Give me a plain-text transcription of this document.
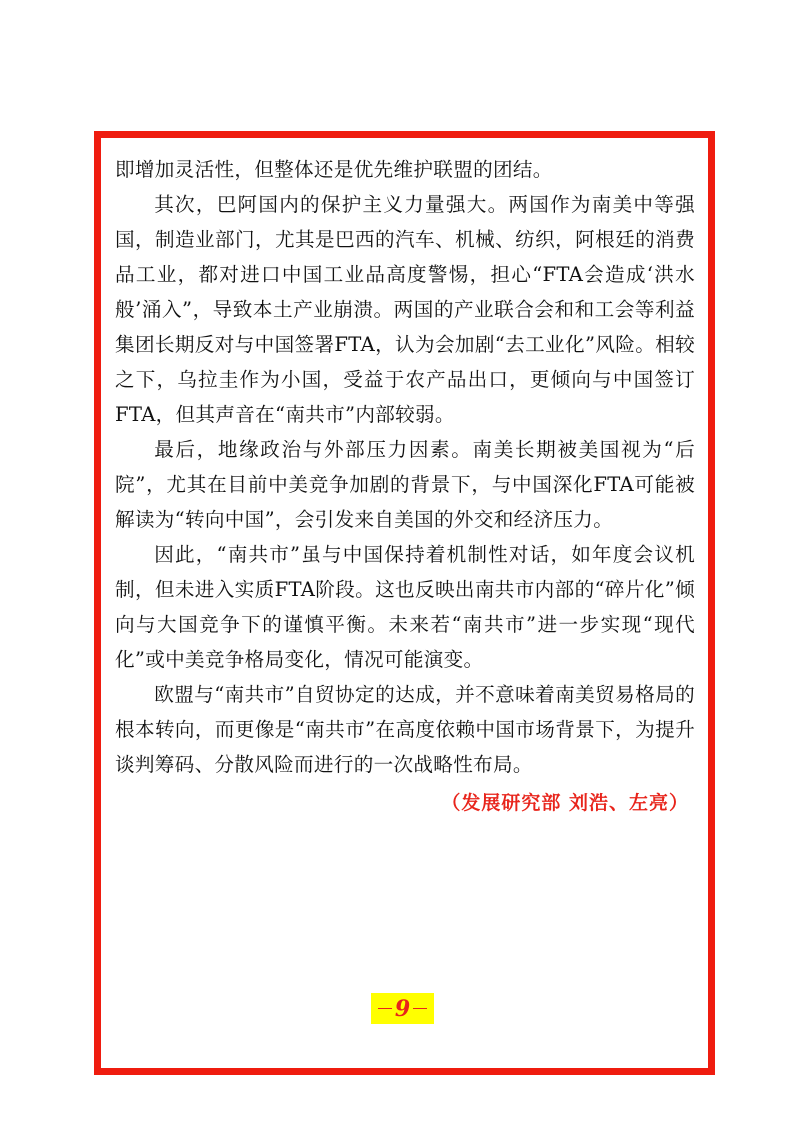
即增加灵活性，但整体还是优先维护联盟的团结。

其次，巴阿国内的保护主义力量强大。两国作为南美中等强国，制造业部门，尤其是巴西的汽车、机械、纺织，阿根廷的消费品工业，都对进口中国工业品高度警惕，担心“FTA会造成‘洪水般’涌入”，导致本土产业崩溃。两国的产业联合会和和工会等利益集团长期反对与中国签署FTA，认为会加剧“去工业化”风险。相较之下，乌拉圭作为小国，受益于农产品出口，更倾向与中国签订FTA，但其声音在“南共市”内部较弱。

最后，地缘政治与外部压力因素。南美长期被美国视为“后院”，尤其在目前中美竞争加剧的背景下，与中国深化FTA可能被解读为“转向中国”，会引发来自美国的外交和经济压力。

因此，“南共市”虽与中国保持着机制性对话，如年度会议机制，但未进入实质FTA阶段。这也反映出南共市内部的“碎片化”倾向与大国竞争下的谨慎平衡。未来若“南共市”进一步实现“现代化”或中美竞争格局变化，情况可能演变。

欧盟与“南共市”自贸协定的达成，并不意味着南美贸易格局的根本转向，而更像是“南共市”在高度依赖中国市场背景下，为提升谈判筹码、分散风险而进行的一次战略性布局。

（发展研究部 刘浩、左亮）

9
